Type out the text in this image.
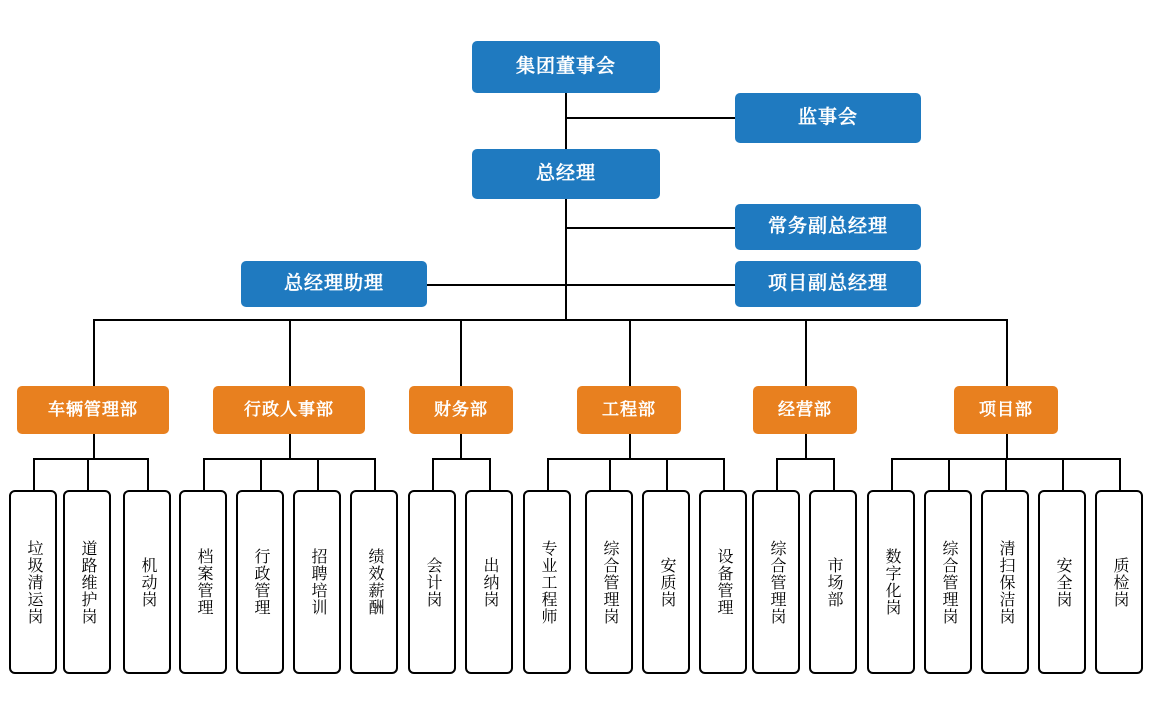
集团董事会
监事会
总经理
常务副总经理
总经理助理	项目副总经理
车辆管理部	行政人事部	财务部	工程部	经营部	项目部
垃圾清运岗 道路维护岗	机动岗 档案管理	行政管理	招聘培训	绩效薪酬	会计岗	出纳岗	专业工程师	综合管理岗	安质岗	设备管理 综合管理岗	市场部	数字化岗	综合管理岗	清扫保洁岗	安全岗	质检岗
